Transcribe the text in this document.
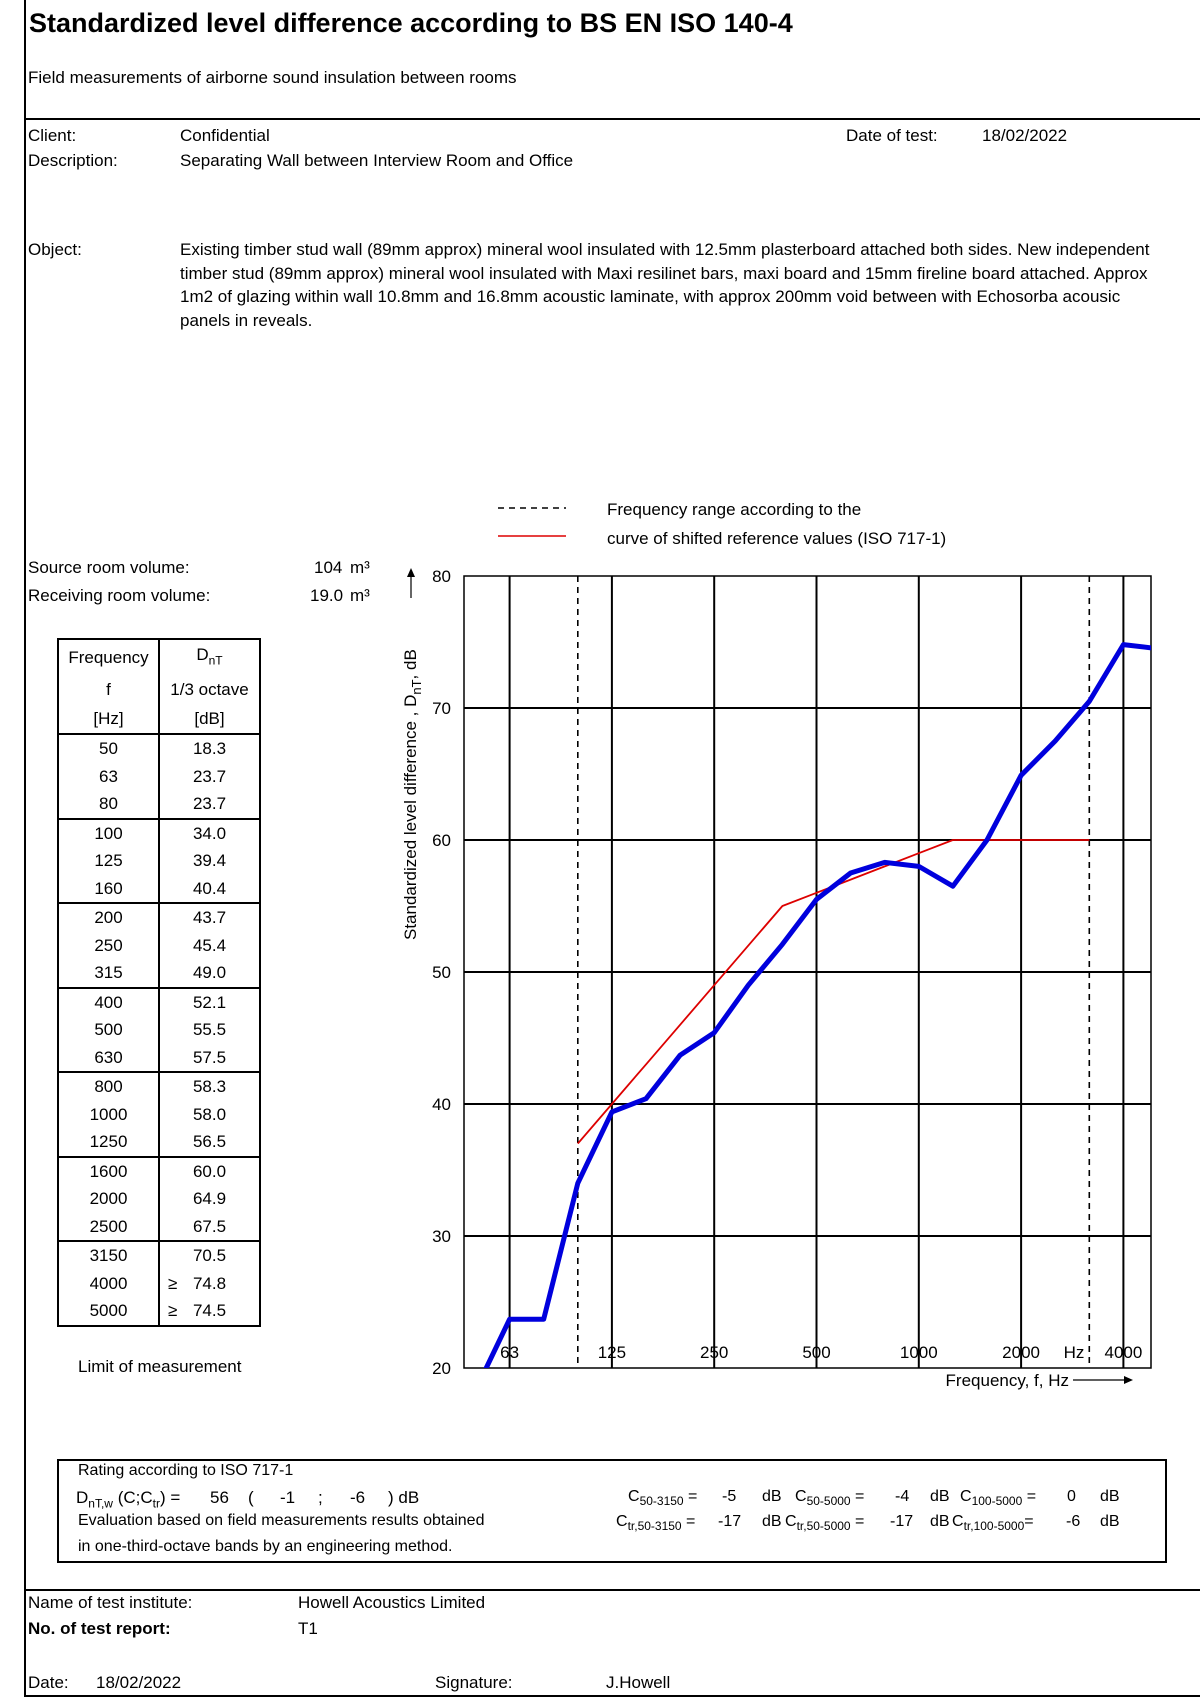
Standardized level difference according to BS EN ISO 140-4
Field measurements of airborne sound insulation between rooms
Client:	Confidential	Date of test:	18/02/2022
Description:	Separating Wall between Interview Room and Office
Object:	Existing timber stud wall (89mm approx) mineral wool insulated with 12.5mm plasterboard attached both sides. New independent timber stud (89mm approx) mineral wool insulated with Maxi resilinet bars, maxi board and 15mm fireline board attached. Approx 1m2 of glazing within wall 10.8mm and 16.8mm acoustic laminate, with approx 200mm void between with Echosorba acousic panels in reveals.
Frequency range according to the
curve of shifted reference values (ISO 717-1)
Source room volume:	104 m³
Receiving room volume:	19.0 m³
Frequency	$D_{nT}$
f	1/3 octave
[Hz]	[dB]
50	18.3

63	23.7

80	23.7

100	34.0

125	39.4

160	40.4

200	43.7

250	45.4

315	49.0

400	52.1

500	55.5

630	57.5

800	58.3

1000	58.0

1250	56.5

1600	60.0

2000	64.9

2500	67.5

3150	70.5

4000	≥ 74.8

5000	≥ 74.5
Limit of measurement	20
30
40
50
60
70
80
63	125	250	500	1000	2000	4000
Standardized level difference , $D_{nT}$, dB
Frequency, f, Hz
Hz
Rating according to ISO 717-1
$D_{nT,w}$ $(C;C_{tr}) = 56$ ( -1 ; -6 ) dB
Evaluation based on field measurements results obtained
in one-third-octave bands by an engineering method.
$C_{50-3150} = -5$ dB $C_{50-5000} = -4$ dB $C_{100-5000} = 0$ dB
$C_{tr,50-3150} = -17$ dB $C_{tr,50-5000} = -17$ dB $C_{tr,100-5000}= -6$ dB
Name of test institute:	Howell Acoustics Limited
No. of test report:	T1
Date: 18/02/2022	Signature:	J.Howell
